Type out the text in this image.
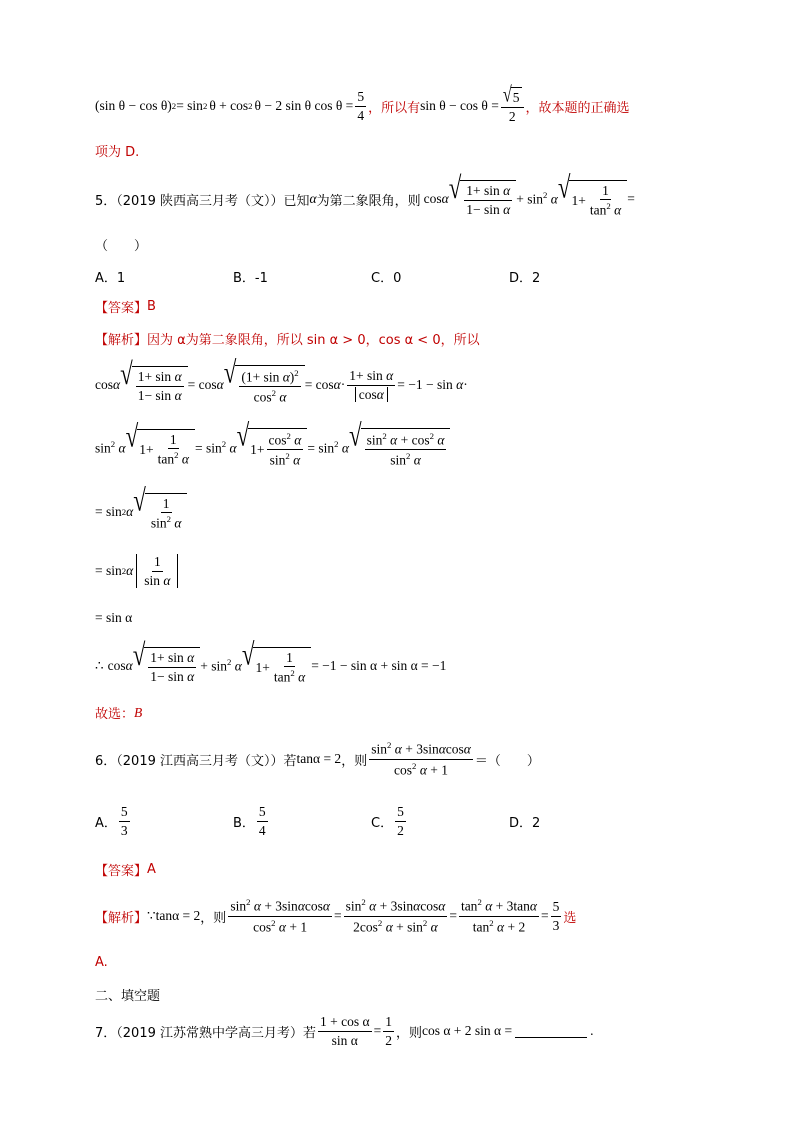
(sin θ − cos θ) 2 = sin 2 θ + cos 2 θ − 2 sin θ $\cos \theta = \frac{5}{4}$ ，所以有 $\sin \theta - \cos \theta = \frac{√ 5}{2}$ ，故本题的正确选
项为 D.
5．（2019 陕西高三月考（文））已知 α 为第二象限角，则 cosα √ $\frac{\text{1+ sin α}}{\text{1− sin α}} + \sin^2 \alpha$ √ $1+ \frac{1}{\tan^2 \alpha}$ =
（　　）
A．1	B．-1	C．0	D．2
【答案】 B
【解析】 因为 α为第二象限角，所以 sin α > 0，cos α < 0，所以
cosα √ $\frac{\text{1+ sin α}}{\text{1− sin α}} = \cos\alpha$ √ $\frac{(1+ \sin \alpha)^2}{\cos^2 \alpha} = \cos\alpha\cdot \frac{\text{1+ sin α}}{\text{cos α}} = -1 - \sin \alpha\cdot$
$\sin^2 \alpha$ √ $1+ \frac{1}{\tan^2 \alpha} = \sin^2 \alpha$ √ $1+ \frac{\cos^2 \alpha}{\sin^2 \alpha} = \sin^2 \alpha$ √ $\frac{\sin^2 \alpha + \cos^2 \alpha}{\sin^2 \alpha}$
= sin 2 α √ $\frac{1}{\sin^2 \alpha}$
= sin 2 α $\frac{1}{\text{sin α}}$
= sin α
∴ cosα √ $\frac{\text{1+ sin α}}{\text{1− sin α}} + \sin^2 \alpha$ √ $1+ \frac{1}{\tan^2 \alpha} = -1 - \sin \alpha + \sin \alpha = -1$
故选： B
6．（2019 江西高三月考（文））若 tanα = 2 ，则 $\frac{\sin^2 \alpha + 3\sin\alpha\cos\alpha}{\cos^2 \alpha + 1}$ ＝（　　）
A． $\frac{5}{3}$	B． $\frac{5}{4}$	C． $\frac{5}{2}$	D．2
【答案】 A
【解析】 ∵ tanα = 2 ，则 $\frac{\sin^2 \alpha + 3\sin\alpha\cos\alpha}{\cos^2 \alpha + 1} = \frac{\sin^2 \alpha + 3\sin\alpha\cos\alpha}{2\cos^2 \alpha + \sin^2 \alpha} = \frac{\tan^2 \alpha + 3\tan\alpha}{\tan^2 \alpha + 2} = \frac{5}{3}$ 选
A.
二、填空题
7．（2019 江苏常熟中学高三月考）若 $\frac{\text{1 + cos α}}{\text{sin α}} = \frac{1}{2}$ ，则 cos α + 2 sin α =	.
